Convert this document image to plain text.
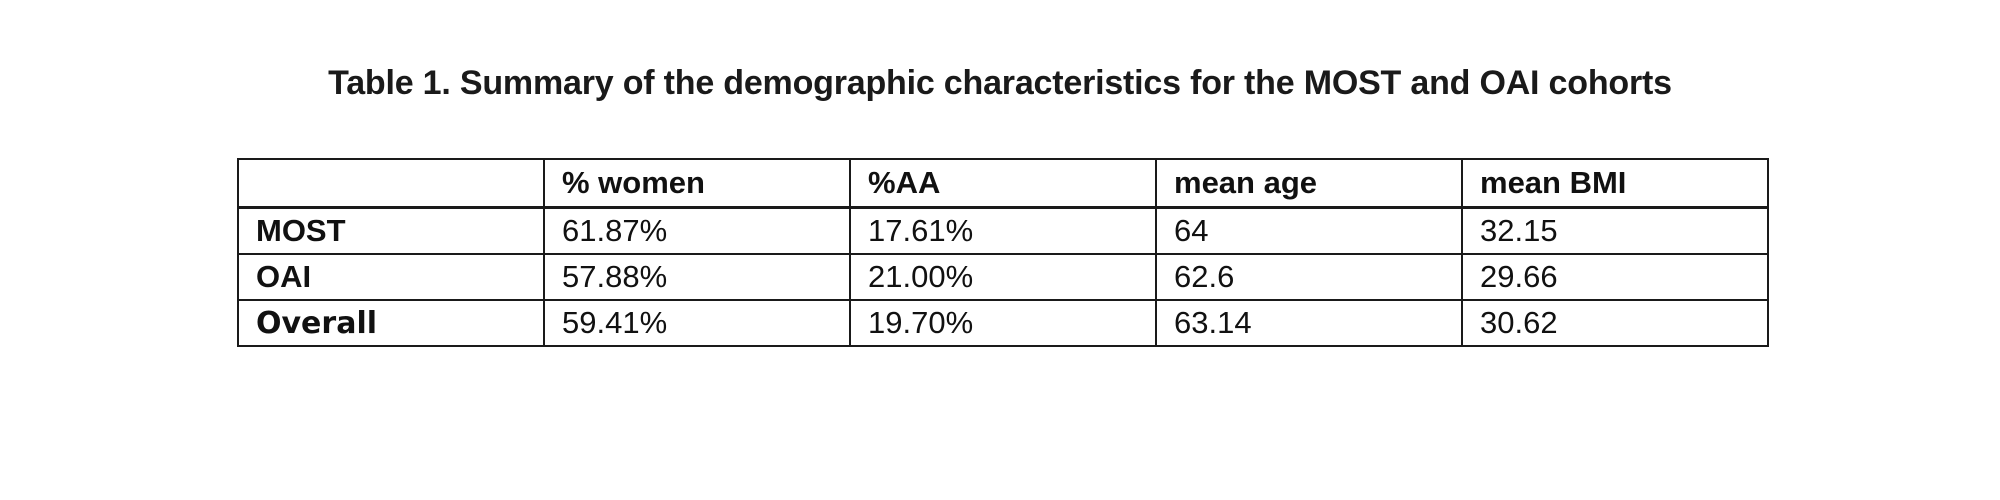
Table 1. Summary of the demographic characteristics for the MOST and OAI cohorts
	% women	%AA	mean age	mean BMI
MOST	61.87%	17.61%	64	32.15
OAI	57.88%	21.00%	62.6	29.66
Overall	59.41%	19.70%	63.14	30.62
